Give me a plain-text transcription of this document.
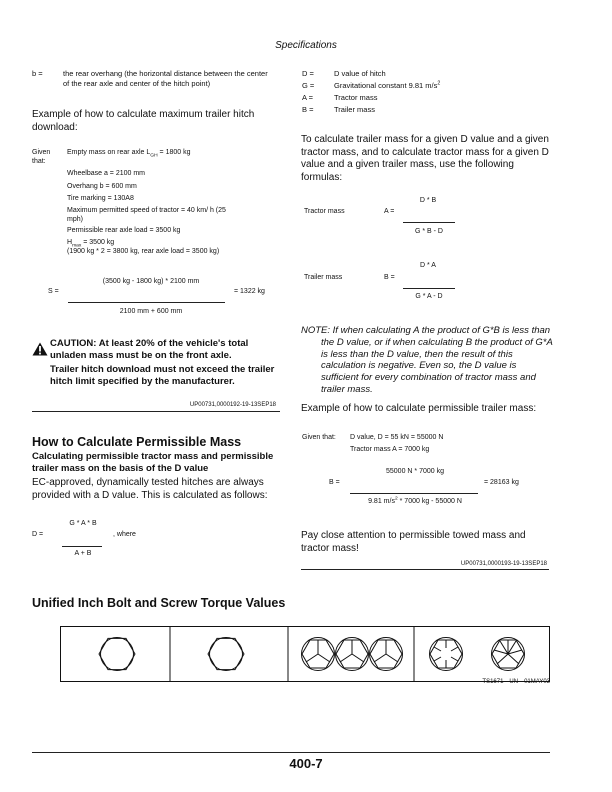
Specifications
b =	the rear overhang (the horizontal distance between the center of the rear axle and center of the hitch point)
Example of how to calculate maximum trailer hitch download:
Given that:
Empty mass on rear axle $L_{GH} = 1800$ kg
Wheelbase a = 2100 mm
Overhang b = 600 mm
Tire marking = 130A8
Maximum permitted speed of tractor = 40 km/ h (25 mph)
Permissible rear axle load = 3500 kg
$H_{max} = 3500$ kg
(1900 kg * 2 = 3800 kg, rear axle load = 3500 kg)
(3500 kg - 1800 kg) * 2100 mm
S =	= 1322 kg
2100 mm + 600 mm
CAUTION: At least 20% of the vehicle's total unladen mass must be on the front axle.
Trailer hitch download must not exceed the trailer hitch limit specified by the manufacturer.
UP00731,0000192-19-13SEP18
How to Calculate Permissible Mass
Calculating permissible tractor mass and permissible trailer mass on the basis of the D value
EC-approved, dynamically tested hitches are always provided with a D value. This is calculated as follows:
G * A * B
D =	, where
A + B
D =	D value of hitch
G =	Gravitational constant 9.81 $m/s^2$
A =	Tractor mass
B =	Trailer mass
To calculate trailer mass for a given D value and a given tractor mass, and to calculate tractor mass for a given D value and a given trailer mass, use the following formulas:
D * B
Tractor mass	A =
G * B - D
D * A
Trailer mass	B =
G * A - D
NOTE: If when calculating A the product of G*B is less than the D value, or if when calculating B the product of G*A is less than the D value, then the result of this calculation is negative. Even so, the D value is sufficient for every combination of tractor mass and trailer mass.
Example of how to calculate permissible trailer mass:
Given that: D value, D = 55 kN = 55000 N
Tractor mass A = 7000 kg
55000 N * 7000 kg
B =	= 28163 kg
9.81 $m/s^2 * 7000$ kg - 55000 N
Pay close attention to permissible towed mass and tractor mass!
UP00731,0000193-19-13SEP18
Unified Inch Bolt and Screw Torque Values
TS1671—UN—01MAY03
400-7
